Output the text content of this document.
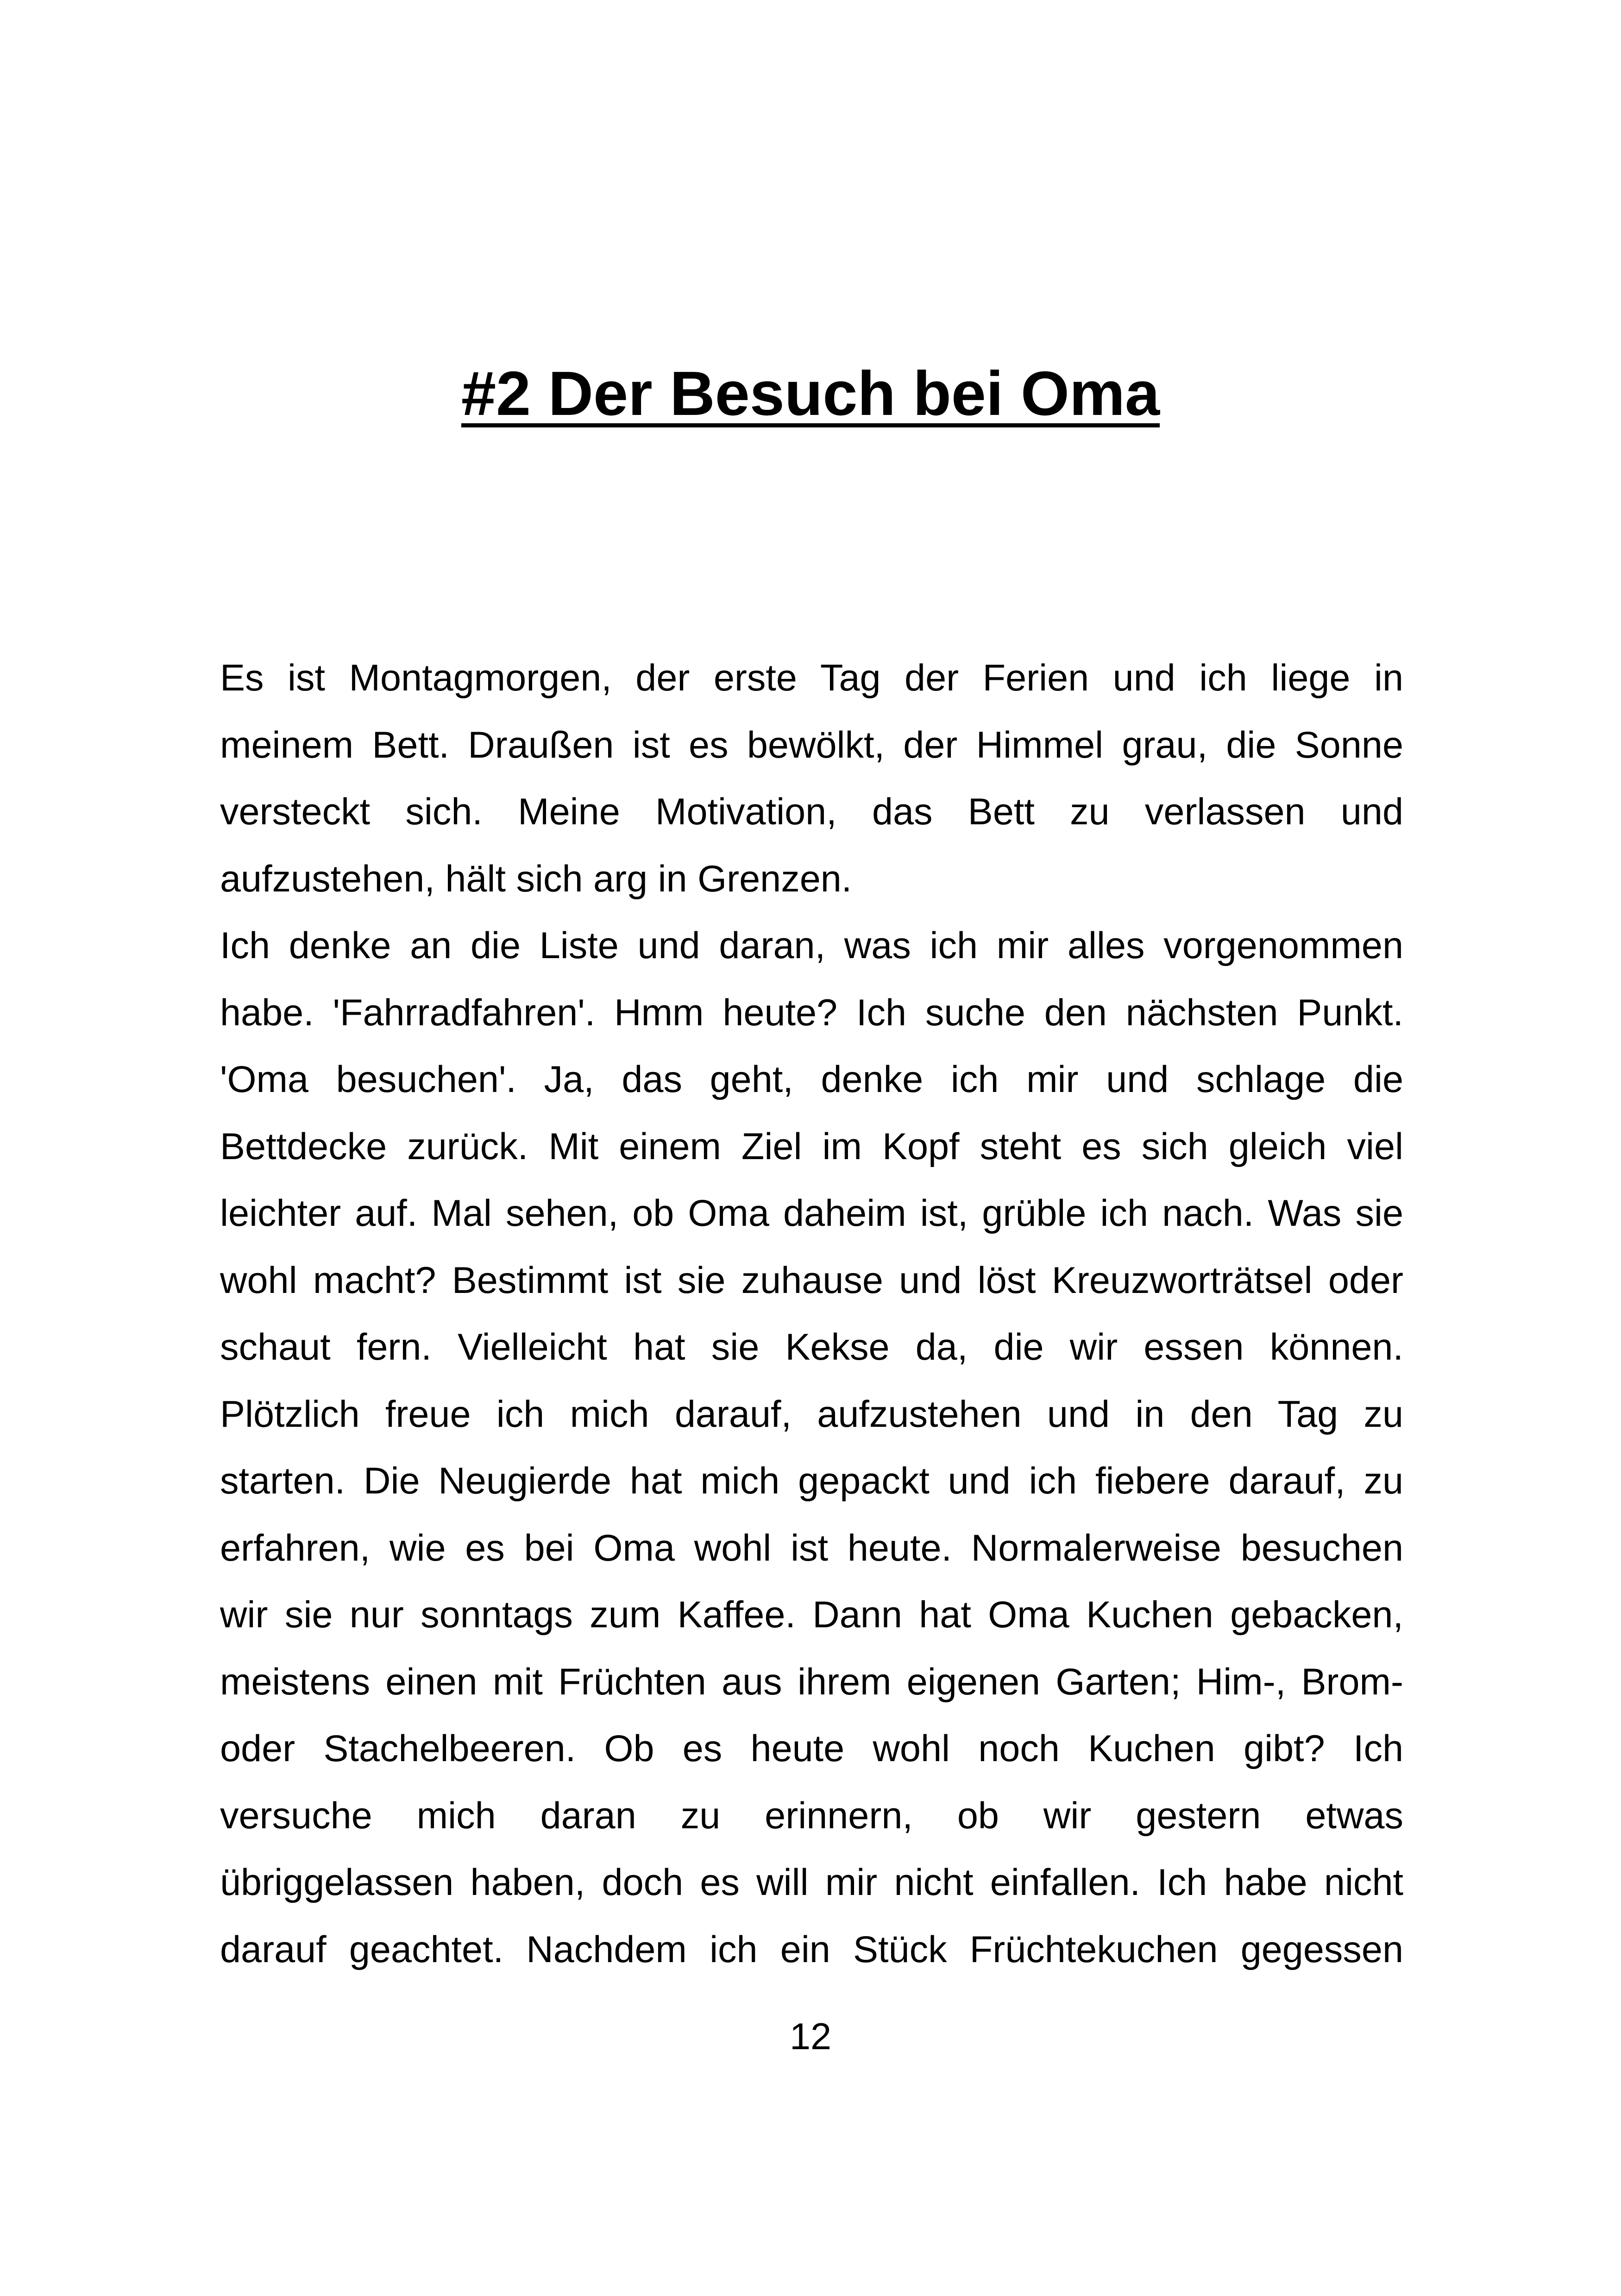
#2 Der Besuch bei Oma

Es ist Montagmorgen, der erste Tag der Ferien und ich liege in
meinem Bett. Draußen ist es bewölkt, der Himmel grau, die Sonne
versteckt sich. Meine Motivation, das Bett zu verlassen und
aufzustehen, hält sich arg in Grenzen.

Ich denke an die Liste und daran, was ich mir alles vorgenommen
habe. 'Fahrradfahren'. Hmm heute? Ich suche den nächsten Punkt.
'Oma besuchen'. Ja, das geht, denke ich mir und schlage die
Bettdecke zurück. Mit einem Ziel im Kopf steht es sich gleich viel
leichter auf. Mal sehen, ob Oma daheim ist, grüble ich nach. Was sie
wohl macht? Bestimmt ist sie zuhause und löst Kreuzworträtsel oder
schaut fern. Vielleicht hat sie Kekse da, die wir essen können.
Plötzlich freue ich mich darauf, aufzustehen und in den Tag zu
starten. Die Neugierde hat mich gepackt und ich fiebere darauf, zu
erfahren, wie es bei Oma wohl ist heute. Normalerweise besuchen
wir sie nur sonntags zum Kaffee. Dann hat Oma Kuchen gebacken,
meistens einen mit Früchten aus ihrem eigenen Garten; Him-, Brom-
oder Stachelbeeren. Ob es heute wohl noch Kuchen gibt? Ich
versuche mich daran zu erinnern, ob wir gestern etwas
übriggelassen haben, doch es will mir nicht einfallen. Ich habe nicht
darauf geachtet. Nachdem ich ein Stück Früchtekuchen gegessen

12
